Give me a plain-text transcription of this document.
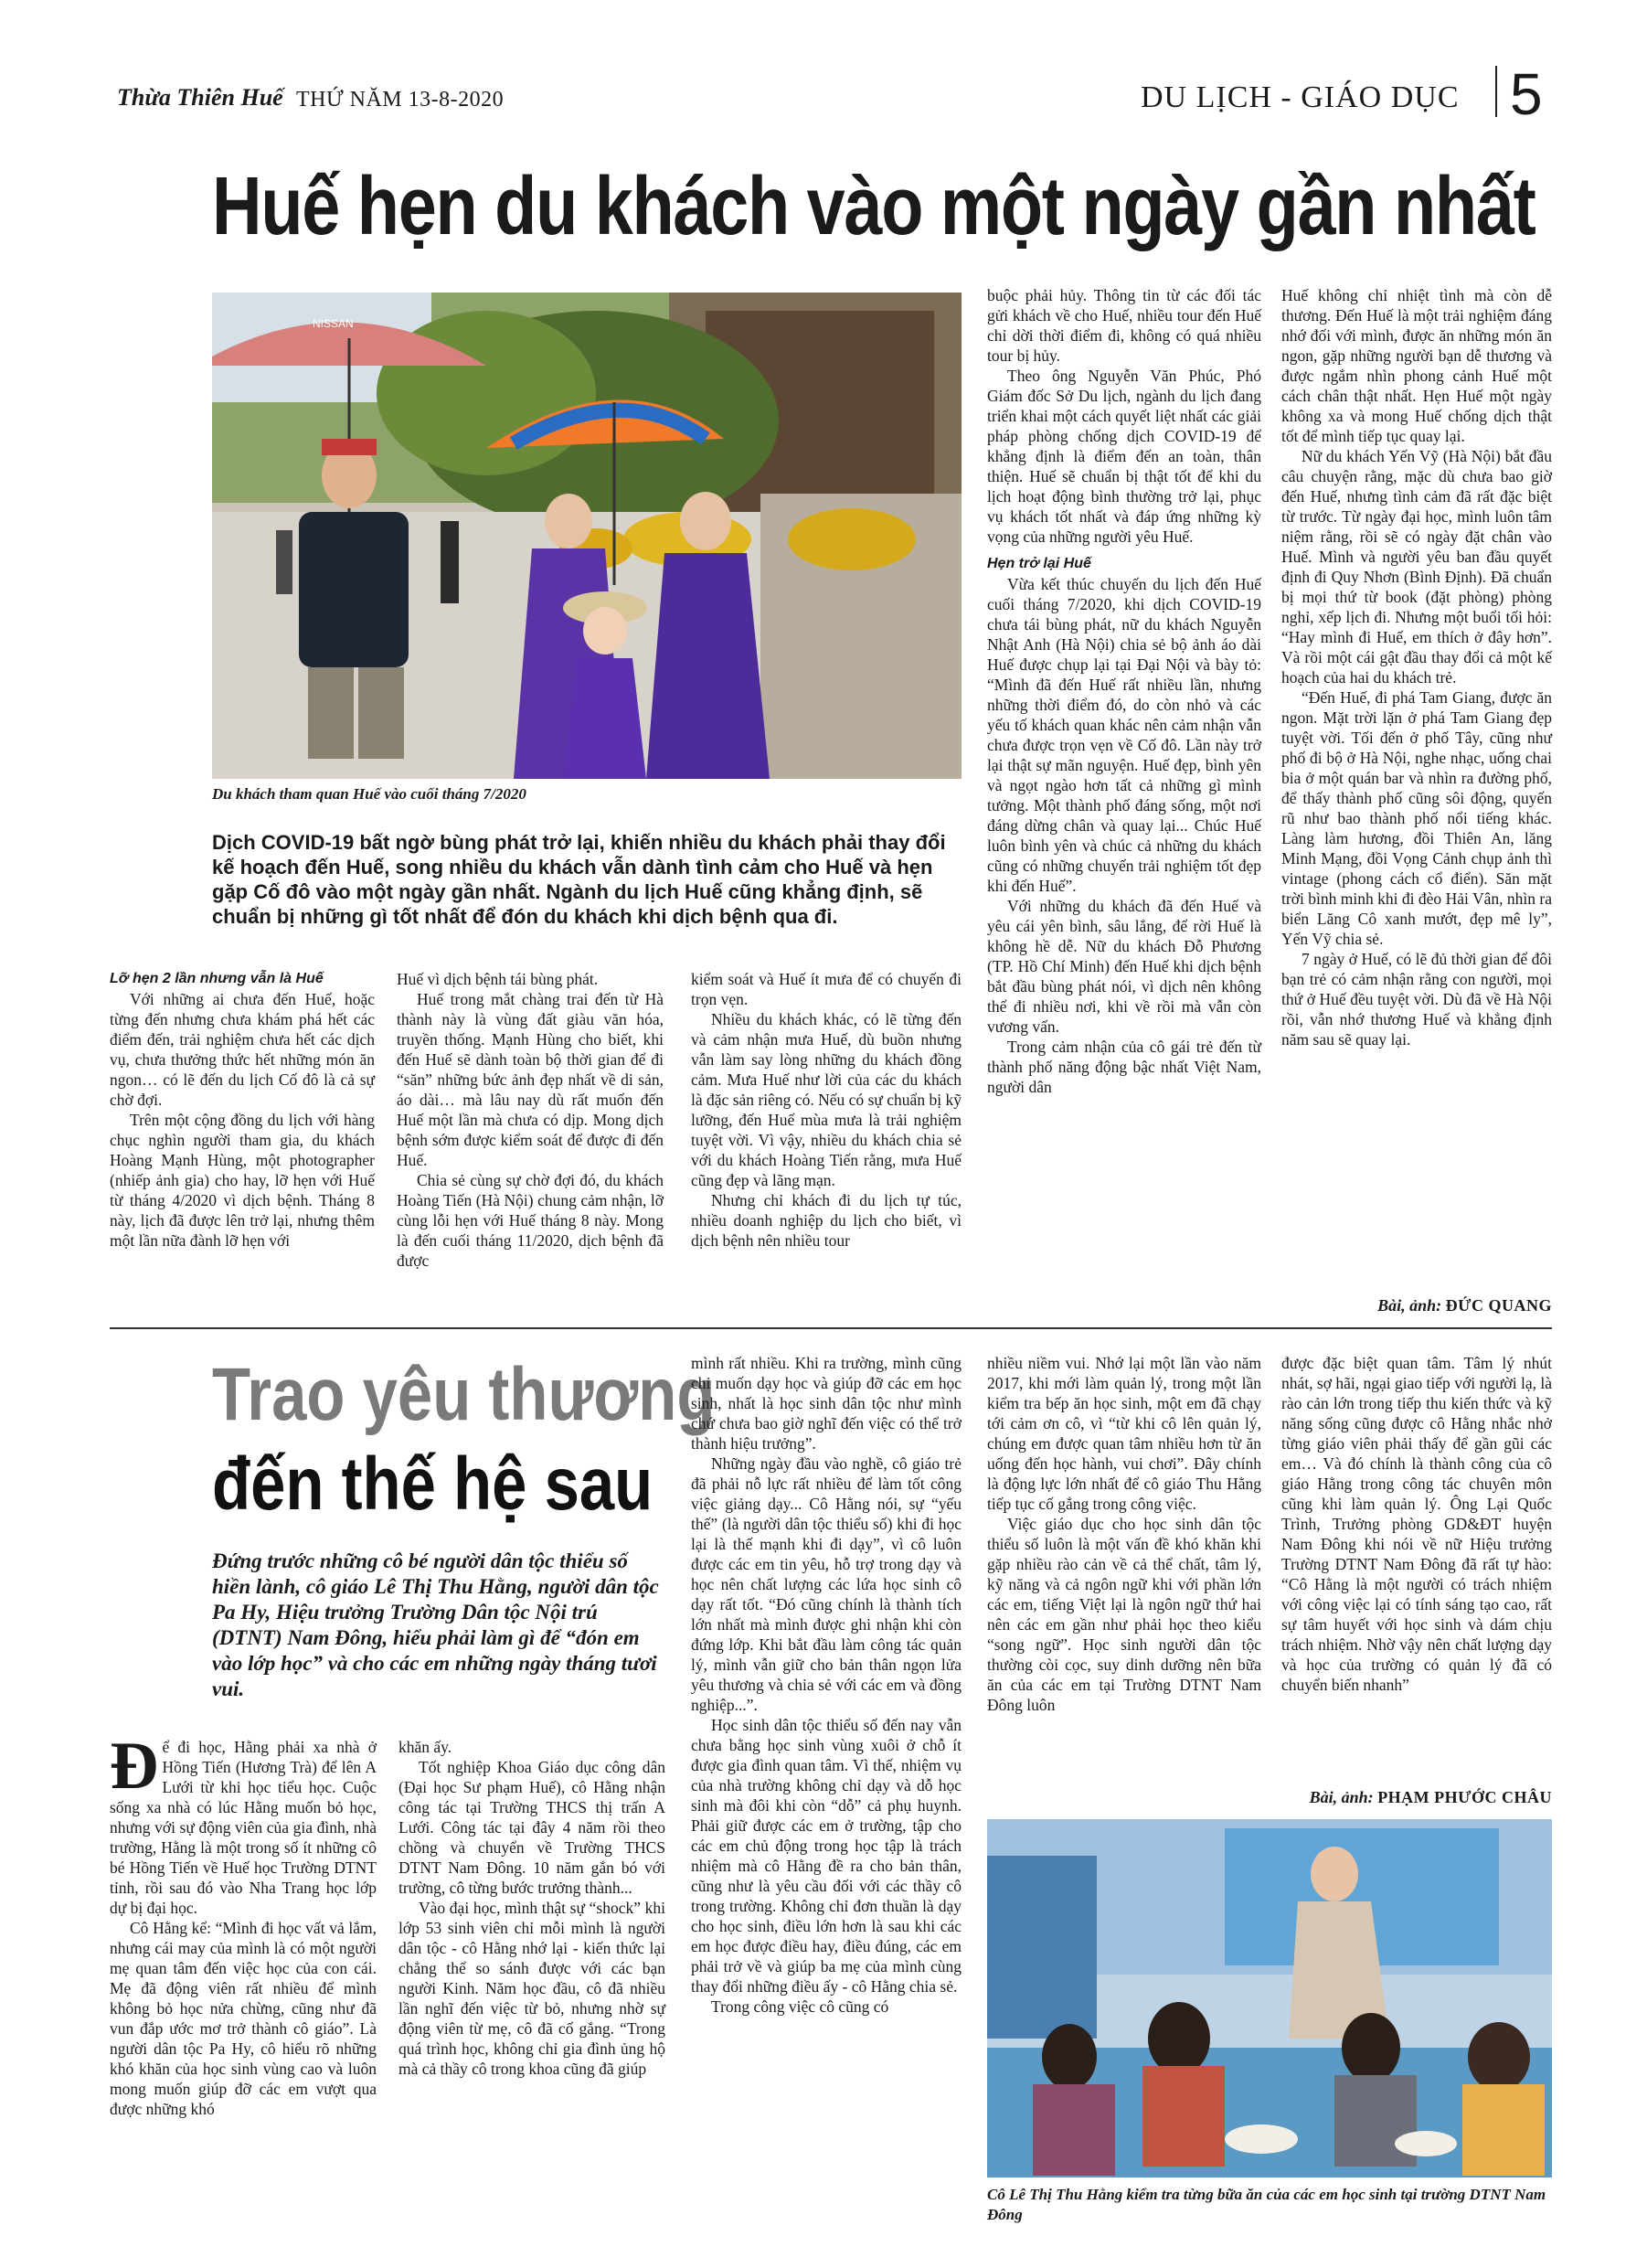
Thừa Thiên Huế THỨ NĂM 13-8-2020	DU LỊCH - GIÁO DỤC 5
Huế hẹn du khách vào một ngày gần nhất
NISSAN
Du khách tham quan Huế vào cuối tháng 7/2020

buộc phải hủy. Thông tin từ các đối tác gửi khách về cho Huế, nhiều tour đến Huế chỉ dời thời điểm đi, không có quá nhiều tour bị hủy.

Theo ông Nguyễn Văn Phúc, Phó Giám đốc Sở Du lịch, ngành du lịch đang triển khai một cách quyết liệt nhất các giải pháp phòng chống dịch COVID-19 để khẳng định là điểm đến an toàn, thân thiện. Huế sẽ chuẩn bị thật tốt để khi du lịch hoạt động bình thường trở lại, phục vụ khách tốt nhất và đáp ứng những kỳ vọng của những người yêu Huế.

Hẹn trở lại Huế

Vừa kết thúc chuyến du lịch đến Huế cuối tháng 7/2020, khi dịch COVID-19 chưa tái bùng phát, nữ du khách Nguyễn Nhật Anh (Hà Nội) chia sẻ bộ ảnh áo dài Huế được chụp lại tại Đại Nội và bày tỏ: “Mình đã đến Huế rất nhiều lần, nhưng những thời điểm đó, do còn nhỏ và các yếu tố khách quan khác nên cảm nhận vẫn chưa được trọn vẹn về Cố đô. Lần này trở lại thật sự mãn nguyện. Huế đẹp, bình yên và ngọt ngào hơn tất cả những gì mình tưởng. Một thành phố đáng sống, một nơi đáng dừng chân và quay lại... Chúc Huế luôn bình yên và chúc cả những du khách cũng có những chuyến trải nghiệm tốt đẹp khi đến Huế”.

Với những du khách đã đến Huế và yêu cái yên bình, sâu lắng, để rời Huế là không hề dễ. Nữ du khách Đỗ Phương (TP. Hồ Chí Minh) đến Huế khi dịch bệnh bắt đầu bùng phát nói, vì dịch nên không thể đi nhiều nơi, khi về rồi mà vẫn còn vương vấn.

Trong cảm nhận của cô gái trẻ đến từ thành phố năng động bậc nhất Việt Nam, người dân

Huế không chỉ nhiệt tình mà còn dễ thương. Đến Huế là một trải nghiệm đáng nhớ đối với mình, được ăn những món ăn ngon, gặp những người bạn dễ thương và được ngắm nhìn phong cảnh Huế một cách chân thật nhất. Hẹn Huế một ngày không xa và mong Huế chống dịch thật tốt để mình tiếp tục quay lại.

Nữ du khách Yến Vỹ (Hà Nội) bắt đầu câu chuyện rằng, mặc dù chưa bao giờ đến Huế, nhưng tình cảm đã rất đặc biệt từ trước. Từ ngày đại học, mình luôn tâm niệm rằng, rồi sẽ có ngày đặt chân vào Huế. Mình và người yêu ban đầu quyết định đi Quy Nhơn (Bình Định). Đã chuẩn bị mọi thứ từ book (đặt phòng) phòng nghỉ, xếp lịch đi. Nhưng một buổi tối hỏi: “Hay mình đi Huế, em thích ở đây hơn”. Và rồi một cái gật đầu thay đổi cả một kế hoạch của hai du khách trẻ.

“Đến Huế, đi phá Tam Giang, được ăn ngon. Mặt trời lặn ở phá Tam Giang đẹp tuyệt vời. Tối đến ở phố Tây, cũng như phố đi bộ ở Hà Nội, nghe nhạc, uống chai bia ở một quán bar và nhìn ra đường phố, để thấy thành phố cũng sôi động, quyến rũ như bao thành phố nổi tiếng khác. Làng làm hương, đồi Thiên An, lăng Minh Mạng, đồi Vọng Cảnh chụp ảnh thì vintage (phong cách cổ điển). Săn mặt trời bình minh khi đi đèo Hải Vân, nhìn ra biển Lăng Cô xanh mướt, đẹp mê ly”, Yến Vỹ chia sẻ.

7 ngày ở Huế, có lẽ đủ thời gian để đôi bạn trẻ có cảm nhận rằng con người, mọi thứ ở Huế đều tuyệt vời. Dù đã về Hà Nội rồi, vẫn nhớ thương Huế và khẳng định năm sau sẽ quay lại.

Bài, ảnh: ĐỨC QUANG
Dịch COVID-19 bất ngờ bùng phát trở lại, khiến nhiều du khách phải thay đổi kế hoạch đến Huế, song nhiều du khách vẫn dành tình cảm cho Huế và hẹn gặp Cố đô vào một ngày gần nhất. Ngành du lịch Huế cũng khẳng định, sẽ chuẩn bị những gì tốt nhất để đón du khách khi dịch bệnh qua đi.
Lỡ hẹn 2 lần nhưng vẫn là Huế

Với những ai chưa đến Huế, hoặc từng đến nhưng chưa khám phá hết các điểm đến, trải nghiệm chưa hết các dịch vụ, chưa thưởng thức hết những món ăn ngon… có lẽ đến du lịch Cố đô là cả sự chờ đợi.

Trên một cộng đồng du lịch với hàng chục nghìn người tham gia, du khách Hoàng Mạnh Hùng, một photographer (nhiếp ảnh gia) cho hay, lỡ hẹn với Huế từ tháng 4/2020 vì dịch bệnh. Tháng 8 này, lịch đã được lên trở lại, nhưng thêm một lần nữa đành lỡ hẹn với

Huế vì dịch bệnh tái bùng phát.

Huế trong mắt chàng trai đến từ Hà thành này là vùng đất giàu văn hóa, truyền thống. Mạnh Hùng cho biết, khi đến Huế sẽ dành toàn bộ thời gian để đi “săn” những bức ảnh đẹp nhất về di sản, áo dài… mà lâu nay dù rất muốn đến Huế một lần mà chưa có dịp. Mong dịch bệnh sớm được kiểm soát để được đi đến Huế.

Chia sẻ cùng sự chờ đợi đó, du khách Hoàng Tiến (Hà Nội) chung cảm nhận, lỡ cùng lỗi hẹn với Huế tháng 8 này. Mong là đến cuối tháng 11/2020, dịch bệnh đã được

kiểm soát và Huế ít mưa để có chuyến đi trọn vẹn.

Nhiều du khách khác, có lẽ từng đến và cảm nhận mưa Huế, dù buồn nhưng vẫn làm say lòng những du khách đồng cảm. Mưa Huế như lời của các du khách là đặc sản riêng có. Nếu có sự chuẩn bị kỹ lưỡng, đến Huế mùa mưa là trải nghiệm tuyệt vời. Vì vậy, nhiều du khách chia sẻ với du khách Hoàng Tiến rằng, mưa Huế cũng đẹp và lãng mạn.

Nhưng chỉ khách đi du lịch tự túc, nhiều doanh nghiệp du lịch cho biết, vì dịch bệnh nên nhiều tour

Trao yêu thương
đến thế hệ sau
Đứng trước những cô bé người dân tộc thiểu số hiền lành, cô giáo Lê Thị Thu Hằng, người dân tộc Pa Hy, Hiệu trưởng Trường Dân tộc Nội trú (DTNT) Nam Đông, hiểu phải làm gì để “đón em vào lớp học” và cho các em những ngày tháng tươi vui.

Để đi học, Hằng phải xa nhà ở Hồng Tiến (Hương Trà) để lên A Lưới từ khi học tiểu học. Cuộc sống xa nhà có lúc Hằng muốn bỏ học, nhưng với sự động viên của gia đình, nhà trường, Hằng là một trong số ít những cô bé Hồng Tiến về Huế học Trường DTNT tỉnh, rồi sau đó vào Nha Trang học lớp dự bị đại học.

Cô Hằng kể: “Mình đi học vất vả lắm, nhưng cái may của mình là có một người mẹ quan tâm đến việc học của con cái. Mẹ đã động viên rất nhiều để mình không bỏ học nửa chừng, cũng như đã vun đắp ước mơ trở thành cô giáo”. Là người dân tộc Pa Hy, cô hiểu rõ những khó khăn của học sinh vùng cao và luôn mong muốn giúp đỡ các em vượt qua được những khó

khăn ấy.

Tốt nghiệp Khoa Giáo dục công dân (Đại học Sư phạm Huế), cô Hằng nhận công tác tại Trường THCS thị trấn A Lưới. Công tác tại đây 4 năm rồi theo chồng và chuyển về Trường THCS DTNT Nam Đông. 10 năm gắn bó với trường, cô từng bước trưởng thành...

Vào đại học, mình thật sự “shock” khi lớp 53 sinh viên chỉ mỗi mình là người dân tộc - cô Hằng nhớ lại - kiến thức lại chẳng thể so sánh được với các bạn người Kinh. Năm học đầu, cô đã nhiều lần nghĩ đến việc từ bỏ, nhưng nhờ sự động viên từ mẹ, cô đã cố gắng. “Trong quá trình học, không chỉ gia đình ủng hộ mà cả thầy cô trong khoa cũng đã giúp

mình rất nhiều. Khi ra trường, mình cũng chỉ muốn dạy học và giúp đỡ các em học sinh, nhất là học sinh dân tộc như mình chứ chưa bao giờ nghĩ đến việc có thể trở thành hiệu trưởng”.

Những ngày đầu vào nghề, cô giáo trẻ đã phải nỗ lực rất nhiều để làm tốt công việc giảng dạy... Cô Hằng nói, sự “yếu thế” (là người dân tộc thiểu số) khi đi học lại là thế mạnh khi đi dạy”, vì cô luôn được các em tin yêu, hỗ trợ trong dạy và học nên chất lượng các lứa học sinh cô dạy rất tốt. “Đó cũng chính là thành tích lớn nhất mà mình được ghi nhận khi còn đứng lớp. Khi bắt đầu làm công tác quản lý, mình vẫn giữ cho bản thân ngọn lửa yêu thương và chia sẻ với các em và đồng nghiệp...”.

Học sinh dân tộc thiểu số đến nay vẫn chưa bằng học sinh vùng xuôi ở chỗ ít được gia đình quan tâm. Vì thế, nhiệm vụ của nhà trường không chỉ dạy và dỗ học sinh mà đôi khi còn “dỗ” cả phụ huynh. Phải giữ được các em ở trường, tập cho các em chủ động trong học tập là trách nhiệm mà cô Hằng đề ra cho bản thân, cũng như là yêu cầu đối với các thầy cô trong trường. Không chỉ đơn thuần là dạy cho học sinh, điều lớn hơn là sau khi các em học được điều hay, điều đúng, các em phải trở về và giúp ba mẹ của mình cùng thay đổi những điều ấy - cô Hằng chia sẻ.

Trong công việc cô cũng có

nhiều niềm vui. Nhớ lại một lần vào năm 2017, khi mới làm quản lý, trong một lần kiểm tra bếp ăn học sinh, một em đã chạy tới cảm ơn cô, vì “từ khi cô lên quản lý, chúng em được quan tâm nhiều hơn từ ăn uống đến học hành, vui chơi”. Đây chính là động lực lớn nhất để cô giáo Thu Hằng tiếp tục cố gắng trong công việc.

Việc giáo dục cho học sinh dân tộc thiểu số luôn là một vấn đề khó khăn khi gặp nhiều rào cản về cả thể chất, tâm lý, kỹ năng và cả ngôn ngữ khi với phần lớn các em, tiếng Việt lại là ngôn ngữ thứ hai nên các em gần như phải học theo kiểu “song ngữ”. Học sinh người dân tộc thường còi cọc, suy dinh dưỡng nên bữa ăn của các em tại Trường DTNT Nam Đông luôn

được đặc biệt quan tâm. Tâm lý nhút nhát, sợ hãi, ngại giao tiếp với người lạ, là rào cản lớn trong tiếp thu kiến thức và kỹ năng sống cũng được cô Hằng nhắc nhở từng giáo viên phải thấy để gần gũi các em… Và đó chính là thành công của cô giáo Hằng trong công tác chuyên môn cũng khi làm quản lý. Ông Lại Quốc Trình, Trưởng phòng GD&ĐT huyện Nam Đông khi nói về nữ Hiệu trưởng Trường DTNT Nam Đông đã rất tự hào: “Cô Hằng là một người có trách nhiệm với công việc lại có tính sáng tạo cao, rất sự tâm huyết với học sinh và dám chịu trách nhiệm. Nhờ vậy nên chất lượng dạy và học của trường có quản lý đã có chuyển biến nhanh”

Bài, ảnh: PHẠM PHƯỚC CHÂU
Cô Lê Thị Thu Hằng kiểm tra từng bữa ăn của các em học sinh tại trường DTNT Nam Đông
